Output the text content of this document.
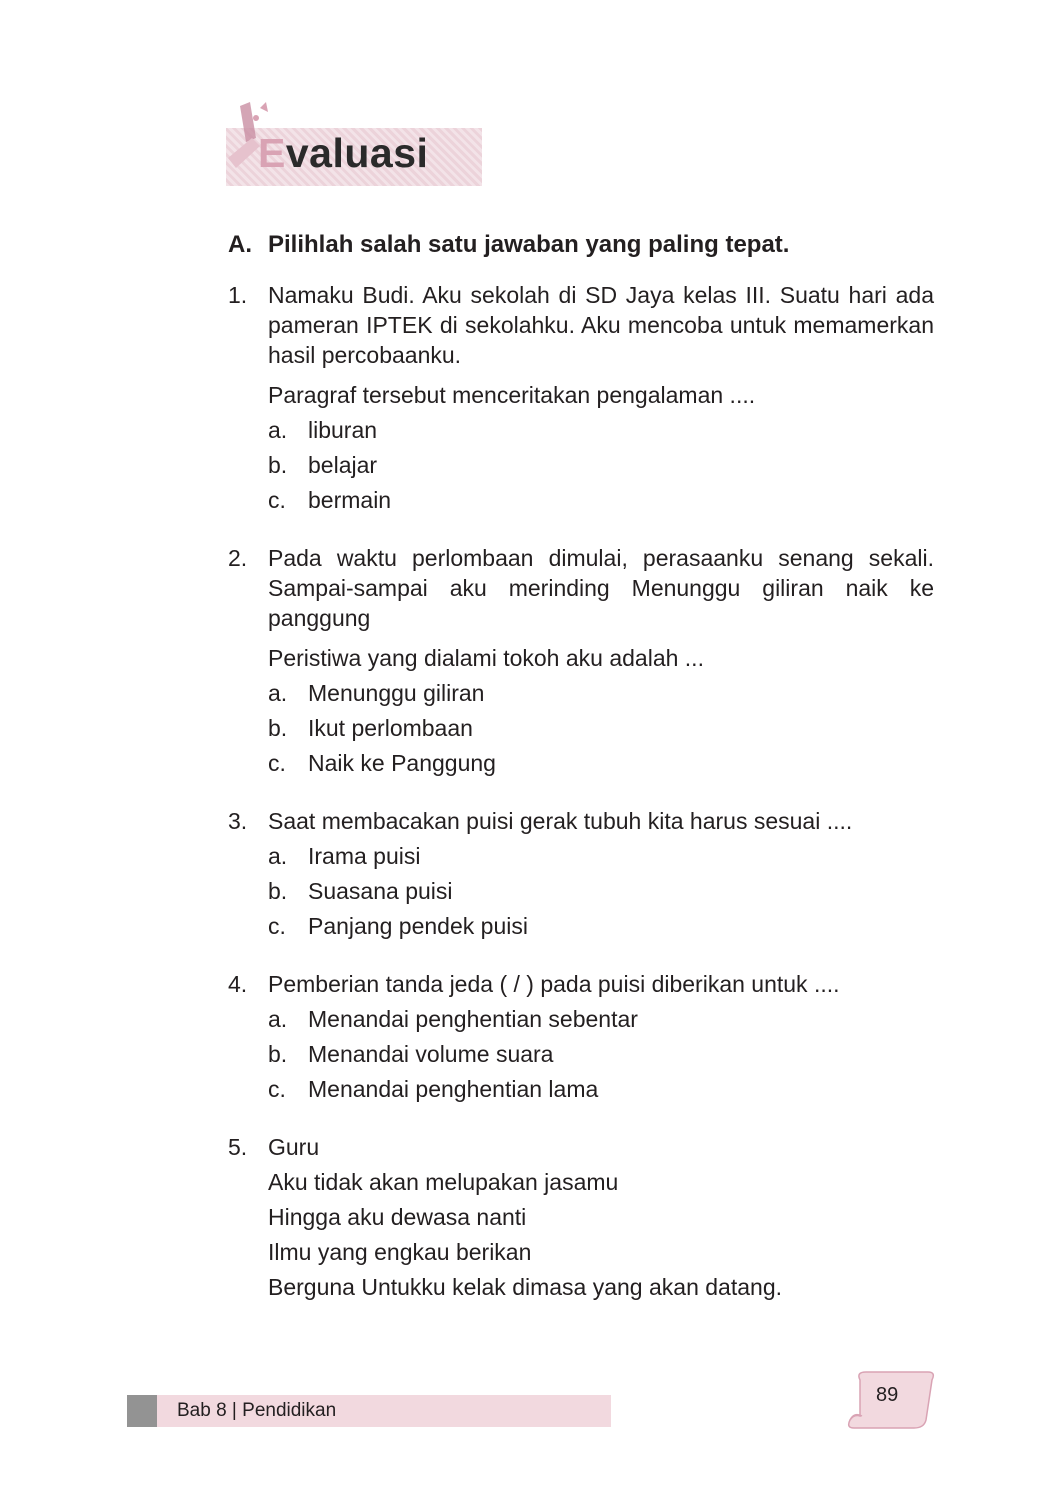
Evaluasi
A. Pilihlah salah satu jawaban yang paling tepat.
1. Namaku Budi. Aku sekolah di SD Jaya kelas III. Suatu hari ada pameran IPTEK di sekolahku. Aku mencoba untuk memamerkan hasil percobaanku.
Paragraf tersebut menceritakan pengalaman ....
a. liburan
b. belajar
c. bermain
2. Pada waktu perlombaan dimulai, perasaanku senang sekali. Sampai-sampai aku merinding Menunggu giliran naik ke panggung
Peristiwa yang dialami tokoh aku adalah ...
a. Menunggu giliran
b. Ikut perlombaan
c. Naik ke Panggung
3. Saat membacakan puisi gerak tubuh kita harus sesuai ....
a. Irama puisi
b. Suasana puisi
c. Panjang pendek puisi
4. Pemberian tanda jeda ( / ) pada puisi diberikan untuk ....
a. Menandai penghentian sebentar
b. Menandai volume suara
c. Menandai penghentian lama
5. Guru
Aku tidak akan melupakan jasamu
Hingga aku dewasa nanti
Ilmu yang engkau berikan
Berguna Untukku kelak dimasa yang akan datang.
Bab 8 | Pendidikan
89
